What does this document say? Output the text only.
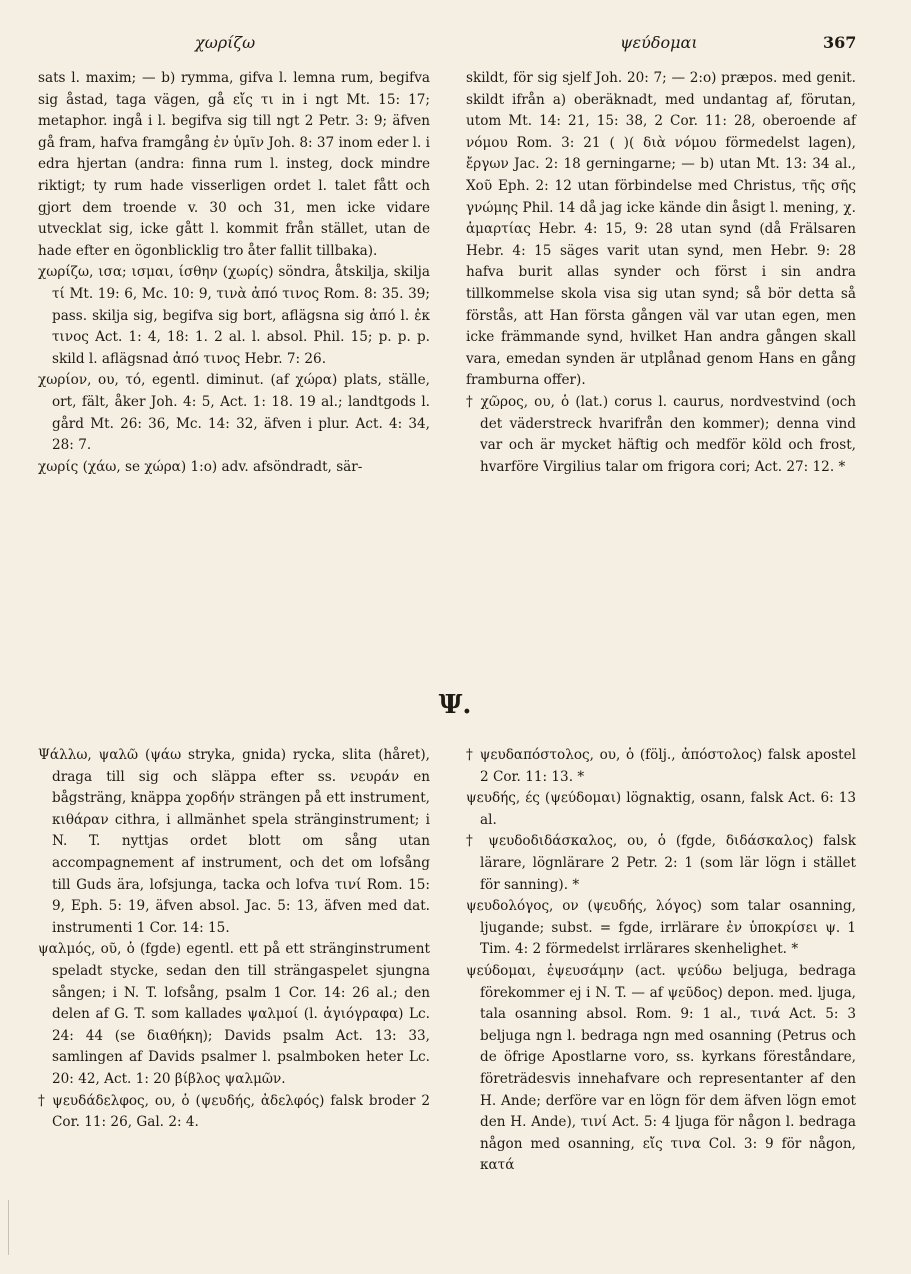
χωρίζω	ψεύδομαι	367

sats l. maxim; — b) rymma, gifva l. lemna rum, begifva sig åstad, taga vägen, gå εἴς τι in i ngt Mt. 15: 17; metaphor. ingå i l. begifva sig till ngt 2 Petr. 3: 9; äfven gå fram, hafva framgång ἐν ὑμῖν Joh. 8: 37 inom eder l. i edra hjertan (andra: finna rum l. insteg, dock mindre riktigt; ty rum hade visserligen ordet l. talet fått och gjort dem troende v. 30 och 31, men icke vidare utvecklat sig, icke gått l. kommit från stället, utan de hade efter en ögonblicklig tro åter fallit tillbaka).

χωρίζω, ισα; ισμαι, ίσθην (χωρίς) söndra, åtskilja, skilja τί Mt. 19: 6, Mc. 10: 9, τινὰ ἀπό τινος Rom. 8: 35. 39; pass. skilja sig, begifva sig bort, aflägsna sig ἀπό l. ἐκ τινος Act. 1: 4, 18: 1. 2 al. l. absol. Phil. 15; p. p. p. skild l. aflägsnad ἀπό τινος Hebr. 7: 26.

χωρίον, ου, τό, egentl. diminut. (af χώρα) plats, ställe, ort, fält, åker Joh. 4: 5, Act. 1: 18. 19 al.; landtgods l. gård Mt. 26: 36, Mc. 14: 32, äfven i plur. Act. 4: 34, 28: 7.

χωρίς (χάω, se χώρα) 1:o) adv. afsöndradt, sär-

skildt, för sig sjelf Joh. 20: 7; — 2:o) præpos. med genit. skildt ifrån a) oberäknadt, med undantag af, förutan, utom Mt. 14: 21, 15: 38, 2 Cor. 11: 28, oberoende af νόμου Rom. 3: 21 ( )( διὰ νόμου förmedelst lagen), ἔργων Jac. 2: 18 gerningarne; — b) utan Mt. 13: 34 al., Χοῦ Eph. 2: 12 utan förbindelse med Christus, τῆς σῆς γνώμης Phil. 14 då jag icke kände din åsigt l. mening, χ. ἁμαρτίας Hebr. 4: 15, 9: 28 utan synd (då Frälsaren Hebr. 4: 15 säges varit utan synd, men Hebr. 9: 28 hafva burit allas synder och först i sin andra tillkommelse skola visa sig utan synd; så bör detta så förstås, att Han första gången väl var utan egen, men icke främmande synd, hvilket Han andra gången skall vara, emedan synden är utplånad genom Hans en gång framburna offer).

† χῶρος, ου, ὁ (lat.) corus l. caurus, nordvestvind (och det väderstreck hvarifrån den kommer); denna vind var och är mycket häftig och medför köld och frost, hvarföre Virgilius talar om frigora cori; Act. 27: 12. *

Ψ.

Ψάλλω, ψαλῶ (ψάω stryka, gnida) rycka, slita (håret), draga till sig och släppa efter ss. νευράν en bågsträng, knäppa χορδήν strängen på ett instrument, κιθάραν cithra, i allmänhet spela stränginstrument; i N. T. nyttjas ordet blott om sång utan accompagnement af instrument, och det om lofsång till Guds ära, lofsjunga, tacka och lofva τινί Rom. 15: 9, Eph. 5: 19, äfven absol. Jac. 5: 13, äfven med dat. instrumenti 1 Cor. 14: 15.

ψαλμός, οῦ, ὁ (fgde) egentl. ett på ett stränginstrument speladt stycke, sedan den till strängaspelet sjungna sången; i N. T. lofsång, psalm 1 Cor. 14: 26 al.; den delen af G. T. som kallades ψαλμοί (l. ἁγιόγραφα) Lc. 24: 44 (se διαθήκη); Davids psalm Act. 13: 33, samlingen af Davids psalmer l. psalmboken heter Lc. 20: 42, Act. 1: 20 βίβλος ψαλμῶν.

† ψευδάδελφος, ου, ὁ (ψευδής, ἀδελφός) falsk broder 2 Cor. 11: 26, Gal. 2: 4.

† ψευδαπόστολος, ου, ὁ (följ., ἀπόστολος) falsk apostel 2 Cor. 11: 13. *

ψευδής, ές (ψεύδομαι) lögnaktig, osann, falsk Act. 6: 13 al.

† ψευδοδιδάσκαλος, ου, ὁ (fgde, διδάσκαλος) falsk lärare, lögnlärare 2 Petr. 2: 1 (som lär lögn i stället för sanning). *

ψευδολόγος, ον (ψευδής, λόγος) som talar osanning, ljugande; subst. = fgde, irrlärare ἐν ὑποκρίσει ψ. 1 Tim. 4: 2 förmedelst irrlärares skenhelighet. *

ψεύδομαι, ἐψευσάμην (act. ψεύδω beljuga, bedraga förekommer ej i N. T. — af ψεῦδος) depon. med. ljuga, tala osanning absol. Rom. 9: 1 al., τινά Act. 5: 3 beljuga ngn l. bedraga ngn med osanning (Petrus och de öfrige Apostlarne voro, ss. kyrkans föreståndare, företrädesvis innehafvare och representanter af den H. Ande; derföre var en lögn för dem äfven lögn emot den H. Ande), τινί Act. 5: 4 ljuga för någon l. bedraga någon med osanning, εἴς τινα Col. 3: 9 för någon, κατά
